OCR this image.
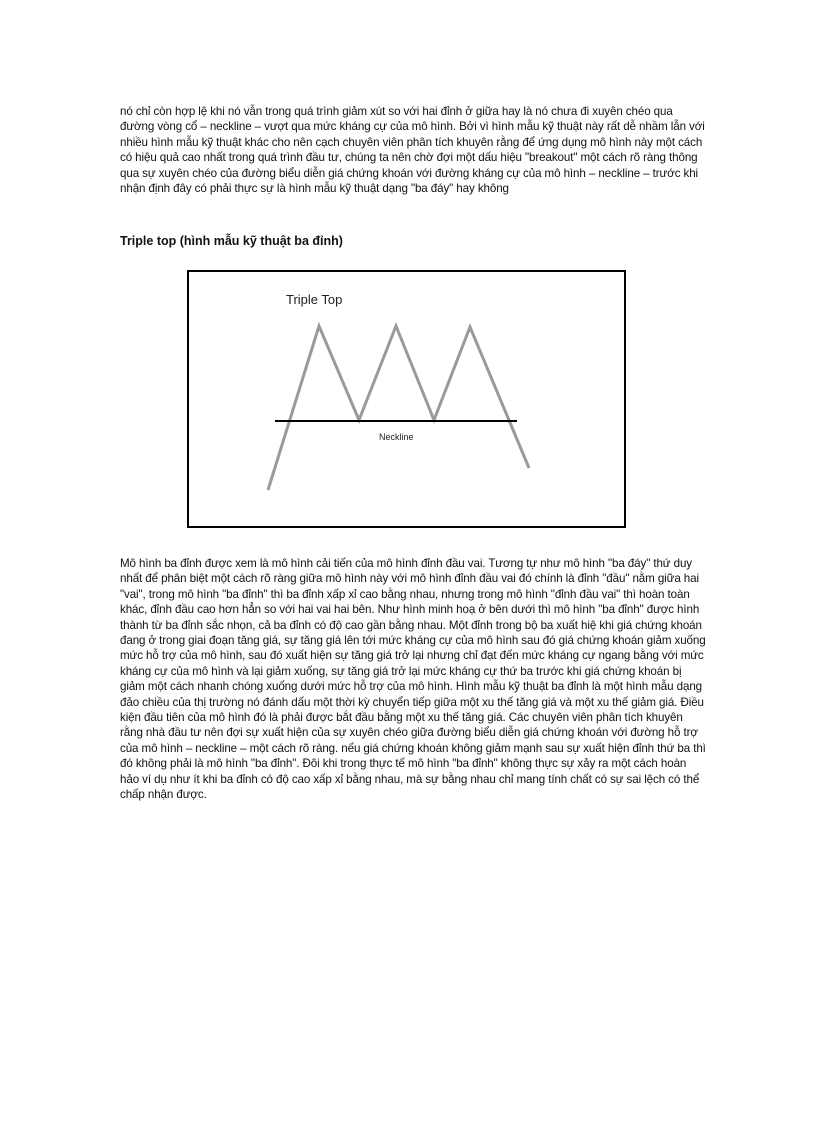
nó chỉ còn hợp lệ khi nó vẫn trong quá trình giảm xút so với hai đỉnh ở giữa hay là nó chưa đi xuyên chéo qua đường vòng cổ – neckline – vượt qua mức kháng cự của mô hình. Bởi vì hình mẫu kỹ thuật này rất dễ nhầm lẫn với nhiều hình mẫu kỹ thuật khác cho nên cạch chuyên viên phân tích khuyên rằng để ứng dụng mô hình này một cách có hiệu quả cao nhất trong quá trình đầu tư, chúng ta nên chờ đợi một dấu hiệu "breakout" một cách rõ ràng thông qua sự xuyên chéo của đường biểu diễn giá chứng khoán với đường kháng cự của mô hình – neckline – trước khi nhận định đây có phải thực sự là hình mẫu kỹ thuật dạng "ba đáy" hay không

Triple top (hình mẫu kỹ thuật ba đỉnh)
Triple Top
Neckline

Mô hình ba đỉnh được xem là mô hình cải tiến của mô hình đỉnh đầu vai. Tương tự như mô hình "ba đáy" thứ duy nhất để phân biệt một cách rõ ràng giữa mô hình này với mô hình đỉnh đầu vai đó chính là đỉnh "đầu" nằm giữa hai "vai", trong mô hình "ba đỉnh" thì ba đỉnh xấp xỉ cao bằng nhau, nhưng trong mô hình "đỉnh đầu vai" thì hoàn toàn khác, đỉnh đầu cao hơn hẳn so với hai vai hai bên. Như hình minh hoạ ở bên dưới thì mô hình "ba đỉnh" được hình thành từ ba đỉnh sắc nhọn, cả ba đỉnh có độ cao gần bằng nhau. Một đỉnh trong bộ ba xuất hiệ khi giá chứng khoán đang ở trong giai đoạn tăng giá, sự tăng giá lên tới mức kháng cự của mô hình sau đó giá chứng khoán giảm xuống mức hỗ trợ của mô hình, sau đó xuất hiện sự tăng giá trở lại nhưng chỉ đạt đến mức kháng cự ngang bằng với mức kháng cự của mô hình và lại giảm xuống, sự tăng giá trở lại mức kháng cự thứ ba trước khi giá chứng khoán bị giảm một cách nhanh chóng xuống dưới mức hỗ trợ của mô hình. Hình mẫu kỹ thuật ba đỉnh là một hình mẫu dạng đảo chiều của thị trường nó đánh dấu một thời kỳ chuyển tiếp giữa một xu thế tăng giá và một xu thế giảm giá. Điều kiện đầu tiên của mô hình đó là phải được bắt đầu bằng một xu thế tăng giá. Các chuyên viên phân tích khuyên rằng nhà đầu tư nên đợi sự xuất hiện của sự xuyên chéo giữa đường biểu diễn giá chứng khoán với đường hỗ trợ của mô hình – neckline – một cách rõ ràng. nếu giá chứng khoán không giảm mạnh sau sự xuất hiện đỉnh thứ ba thì đó không phải là mô hình "ba đỉnh". Đôi khi trong thực tế mô hình "ba đỉnh" không thực sự xảy ra một cách hoàn hảo ví dụ như ít khi ba đỉnh có độ cao xấp xỉ bằng nhau, mà sự bằng nhau chỉ mang tính chất có sự sai lệch có thể chấp nhận được.
